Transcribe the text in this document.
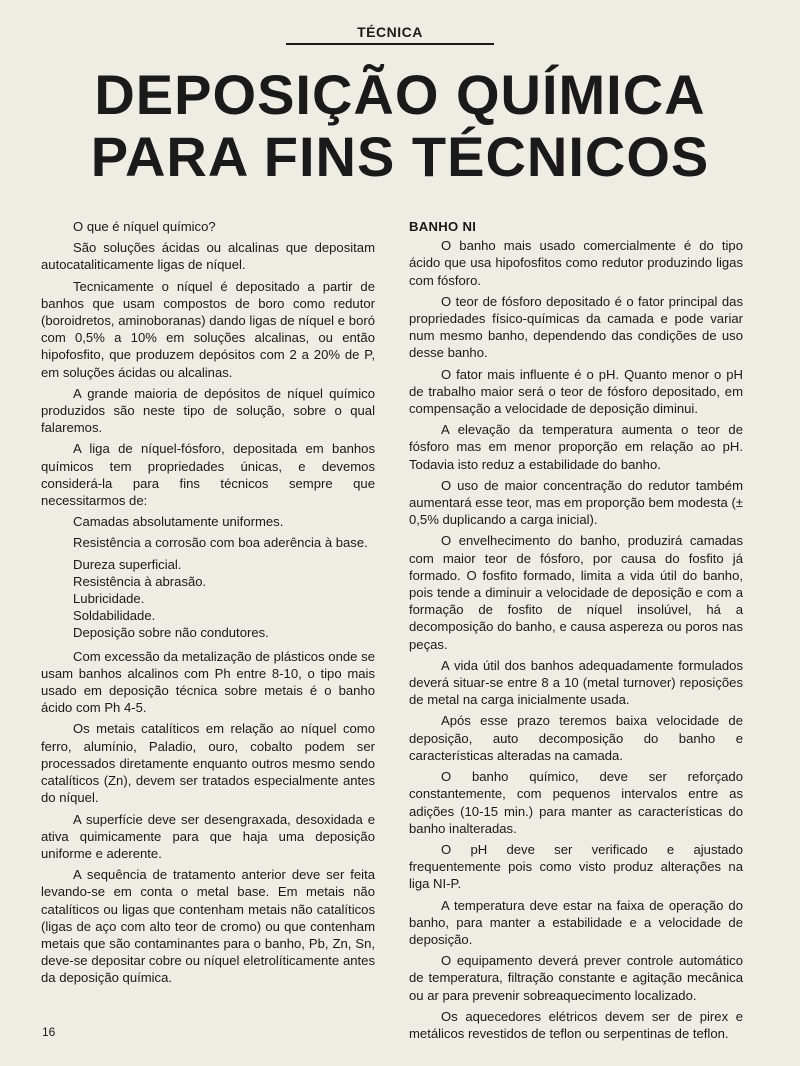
TÉCNICA
DEPOSIÇÃO QUÍMICA
PARA FINS TÉCNICOS

O que é níquel químico?

São soluções ácidas ou alcalinas que depositam autocataliticamente ligas de níquel.

Tecnicamente o níquel é depositado a partir de banhos que usam compostos de boro como redutor (boroidretos, aminoboranas) dando ligas de níquel e boró com 0,5% a 10% em soluções alcalinas, ou então hipofosfito, que produzem depósitos com 2 a 20% de P, em soluções ácidas ou alcalinas.

A grande maioria de depósitos de níquel químico produzidos são neste tipo de solução, sobre o qual falaremos.

A liga de níquel-fósforo, depositada em banhos químicos tem propriedades únicas, e devemos considerá-la para fins técnicos sempre que necessitarmos de:

Camadas absolutamente uniformes.

Resistência a corrosão com boa aderência à base.

Dureza superficial.
Resistência à abrasão.
Lubricidade.
Soldabilidade.
Deposição sobre não condutores.

Com excessão da metalização de plásticos onde se usam banhos alcalinos com Ph entre 8-10, o tipo mais usado em deposição técnica sobre metais é o banho ácido com Ph 4-5.

Os metais catalíticos em relação ao níquel como ferro, alumínio, Paladio, ouro, cobalto podem ser processados diretamente enquanto outros mesmo sendo catalíticos (Zn), devem ser tratados especialmente antes do níquel.

A superfície deve ser desengraxada, desoxidada e ativa quimicamente para que haja uma deposição uniforme e aderente.

A sequência de tratamento anterior deve ser feita levando-se em conta o metal base. Em metais não catalíticos ou ligas que contenham metais não catalíticos (ligas de aço com alto teor de cromo) ou que contenham metais que são contaminantes para o banho, Pb, Zn, Sn, deve-se depositar cobre ou níquel eletrolíticamente antes da deposição química.

BANHO NI

O banho mais usado comercialmente é do tipo ácido que usa hipofosfitos como redutor produzindo ligas com fósforo.

O teor de fósforo depositado é o fator principal das propriedades físico-químicas da camada e pode variar num mesmo banho, dependendo das condições de uso desse banho.

O fator mais influente é o pH. Quanto menor o pH de trabalho maior será o teor de fósforo depositado, em compensação a velocidade de deposição diminui.

A elevação da temperatura aumenta o teor de fósforo mas em menor proporção em relação ao pH. Todavia isto reduz a estabilidade do banho.

O uso de maior concentração do redutor também aumentará esse teor, mas em proporção bem modesta (± 0,5% duplicando a carga inicial).

O envelhecimento do banho, produzirá camadas com maior teor de fósforo, por causa do fosfito já formado. O fosfito formado, limita a vida útil do banho, pois tende a diminuir a velocidade de deposição e com a formação de fosfito de níquel insolúvel, há a decomposição do banho, e causa aspereza ou poros nas peças.

A vida útil dos banhos adequadamente formulados deverá situar-se entre 8 a 10 (metal turnover) reposições de metal na carga inicialmente usada.

Após esse prazo teremos baixa velocidade de deposição, auto decomposição do banho e características alteradas na camada.

O banho químico, deve ser reforçado constantemente, com pequenos intervalos entre as adições (10-15 min.) para manter as características do banho inalteradas.

O pH deve ser verificado e ajustado frequentemente pois como visto produz alterações na liga NI-P.

A temperatura deve estar na faixa de operação do banho, para manter a estabilidade e a velocidade de deposição.

O equipamento deverá prever controle automático de temperatura, filtração constante e agitação mecânica ou ar para prevenir sobreaquecimento localizado.

Os aquecedores elétricos devem ser de pirex e metálicos revestidos de teflon ou serpentinas de teflon.

16
